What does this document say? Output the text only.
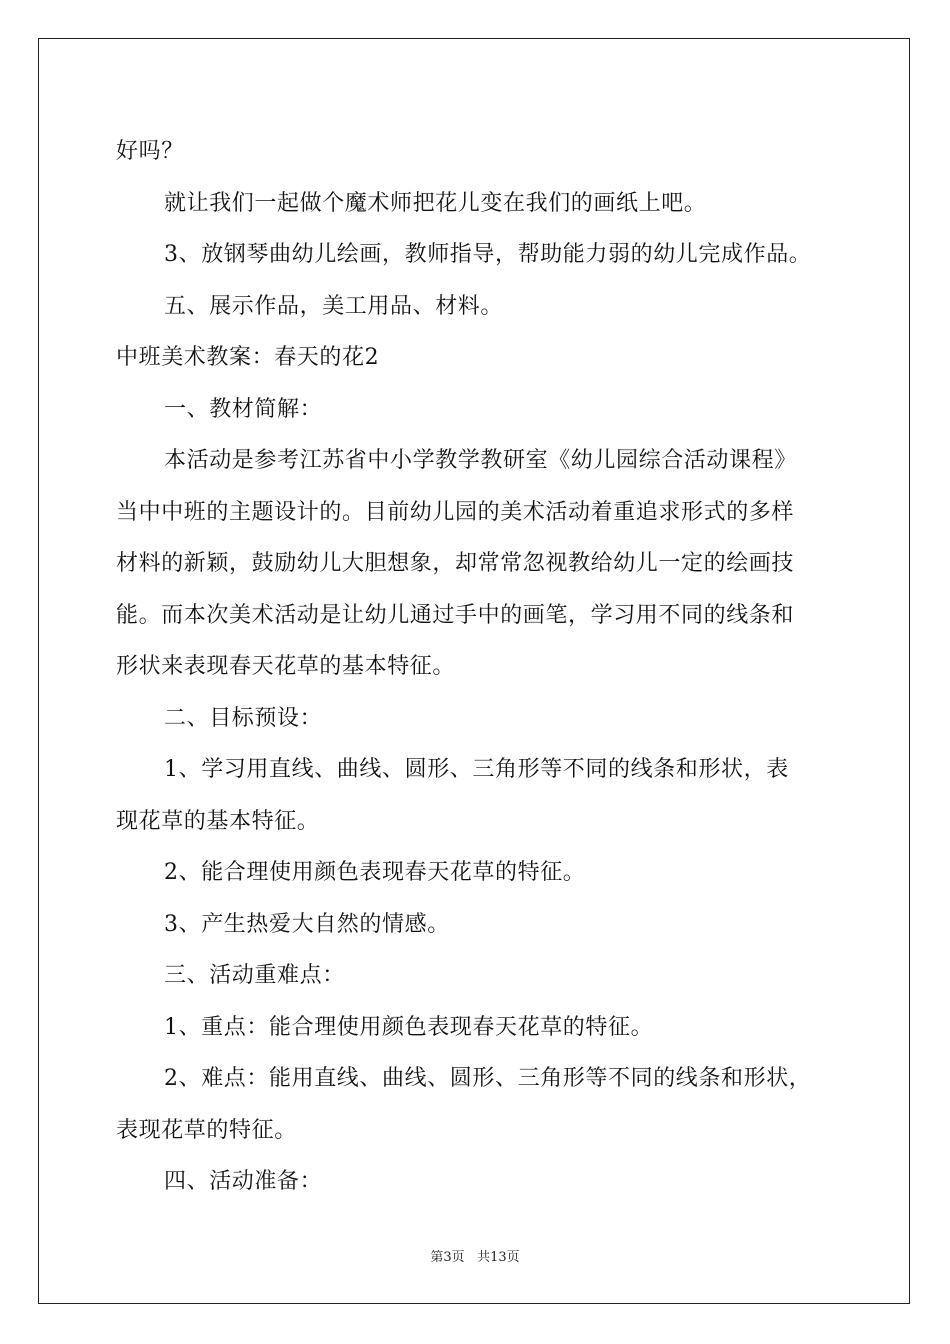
好吗？
就让我们一起做个魔术师把花儿变在我们的画纸上吧。
3、放钢琴曲幼儿绘画，教师指导，帮助能力弱的幼儿完成作品。
五、展示作品，美工用品、材料。
中班美术教案：春天的花2
一、教材简解：
本活动是参考江苏省中小学教学教研室《幼儿园综合活动课程》
当中中班的主题设计的。目前幼儿园的美术活动着重追求形式的多样
材料的新颖，鼓励幼儿大胆想象，却常常忽视教给幼儿一定的绘画技
能。而本次美术活动是让幼儿通过手中的画笔，学习用不同的线条和
形状来表现春天花草的基本特征。
二、目标预设：
1、学习用直线、曲线、圆形、三角形等不同的线条和形状，表
现花草的基本特征。
2、能合理使用颜色表现春天花草的特征。
3、产生热爱大自然的情感。
三、活动重难点：
1、重点：能合理使用颜色表现春天花草的特征。
2、难点：能用直线、曲线、圆形、三角形等不同的线条和形状，
表现花草的特征。
四、活动准备：
第3页 共13页
